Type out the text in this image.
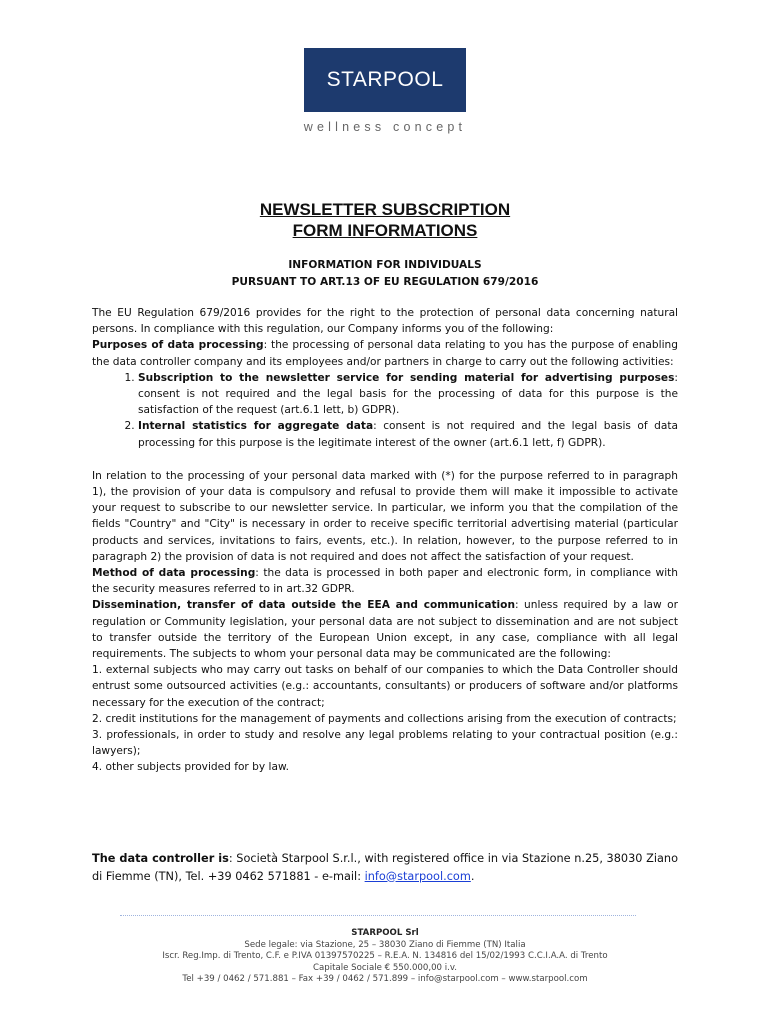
STARPOOL
wellness concept
NEWSLETTER SUBSCRIPTION
FORM INFORMATIONS
INFORMATION FOR INDIVIDUALS
PURSUANT TO ART.13 OF EU REGULATION 679/2016

The EU Regulation 679/2016 provides for the right to the protection of personal data concerning natural persons. In compliance with this regulation, our Company informs you of the following:

Purposes of data processing: the processing of personal data relating to you has the purpose of enabling the data controller company and its employees and/or partners in charge to carry out the following activities:

1. Subscription to the newsletter service for sending material for advertising purposes: consent is not required and the legal basis for the processing of data for this purpose is the satisfaction of the request (art.6.1 lett, b) GDPR).
2. Internal statistics for aggregate data: consent is not required and the legal basis of data processing for this purpose is the legitimate interest of the owner (art.6.1 lett, f) GDPR).

In relation to the processing of your personal data marked with (*) for the purpose referred to in paragraph 1), the provision of your data is compulsory and refusal to provide them will make it impossible to activate your request to subscribe to our newsletter service. In particular, we inform you that the compilation of the fields "Country" and "City" is necessary in order to receive specific territorial advertising material (particular products and services, invitations to fairs, events, etc.). In relation, however, to the purpose referred to in paragraph 2) the provision of data is not required and does not affect the satisfaction of your request.

Method of data processing: the data is processed in both paper and electronic form, in compliance with the security measures referred to in art.32 GDPR.

Dissemination, transfer of data outside the EEA and communication: unless required by a law or regulation or Community legislation, your personal data are not subject to dissemination and are not subject to transfer outside the territory of the European Union except, in any case, compliance with all legal requirements. The subjects to whom your personal data may be communicated are the following:

1. external subjects who may carry out tasks on behalf of our companies to which the Data Controller should entrust some outsourced activities (e.g.: accountants, consultants) or producers of software and/or platforms necessary for the execution of the contract;

2. credit institutions for the management of payments and collections arising from the execution of contracts;

3. professionals, in order to study and resolve any legal problems relating to your contractual position (e.g.: lawyers);

4. other subjects provided for by law.

The data controller is: Società Starpool S.r.l., with registered office in via Stazione n.25, 38030 Ziano di Fiemme (TN), Tel. +39 0462 571881 - e-mail: info@starpool.com.
STARPOOL Srl
Sede legale: via Stazione, 25 – 38030 Ziano di Fiemme (TN) Italia
Iscr. Reg.Imp. di Trento, C.F. e P.IVA 01397570225 – R.E.A. N. 134816 del 15/02/1993 C.C.I.A.A. di Trento
Capitale Sociale € 550.000,00 i.v.
Tel +39 / 0462 / 571.881 – Fax +39 / 0462 / 571.899 – info@starpool.com – www.starpool.com
